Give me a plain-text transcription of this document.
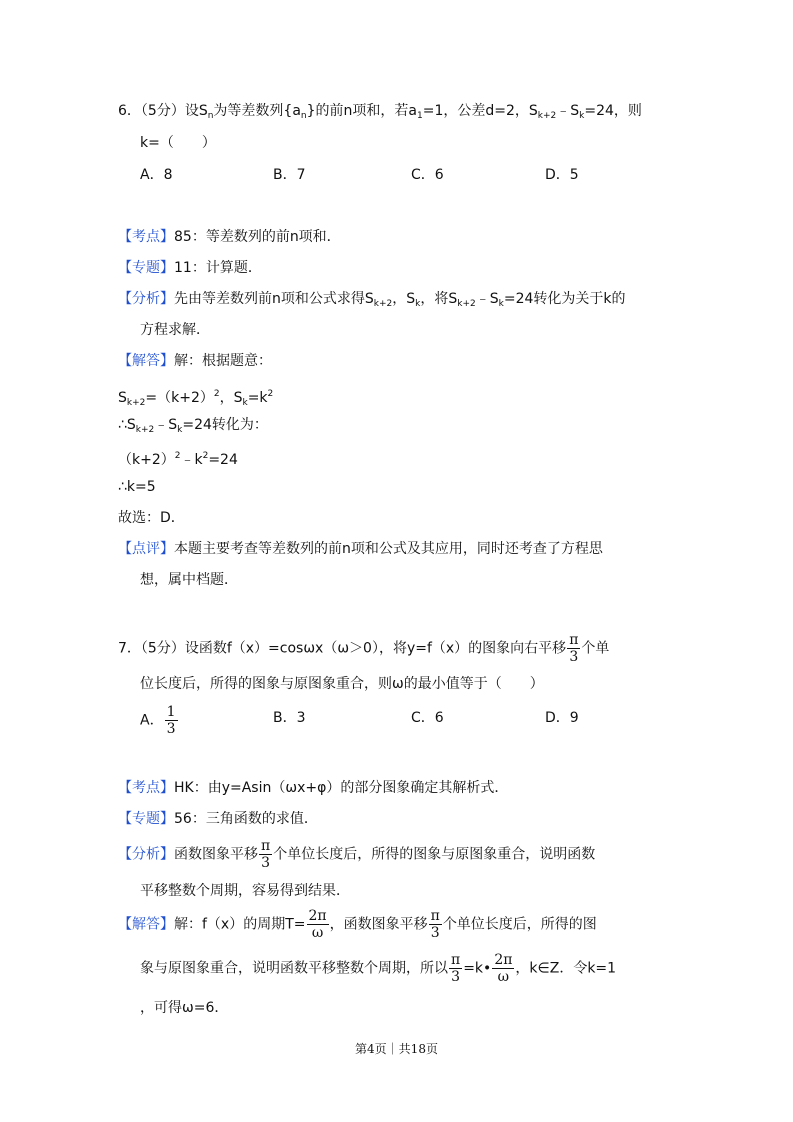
6．（5分）设$S_n$为等差数列$\{a_n\}$的前n项和，若$a_1=1$，公差d=2，$S_{k+2}﹣S_k=24$，则
k=（　　）
A．8	B．7	C．6	D．5
【考点】85：等差数列的前n项和．
【专题】11：计算题．
【分析】先由等差数列前n项和公式求得$S_{k+2}$，$S_k$，将$S_{k+2}﹣S_k=24$转化为关于k的
方程求解．
【解答】解：根据题意：
$S_{k+2}=(k+2)^2$，$S_k=k^2$
$\therefore S_{k+2}﹣S_k=24$转化为：
$(k+2)^2﹣k^2=24$
∴k=5
故选：D．
【点评】本题主要考查等差数列的前n项和公式及其应用，同时还考查了方程思
想，属中档题．
7．（5分）设函数f（x）=cosωx（ω＞0），将y=f（x）的图象向右平移 $\frac{\pi}{3}$ 个单
位长度后，所得的图象与原图象重合，则ω的最小值等于（　　）
A． $\frac{1}{3}$	B．3	C．6	D．9
【考点】HK：由y=Asin（ωx+φ）的部分图象确定其解析式．
【专题】56：三角函数的求值．
【分析】函数图象平移 $\frac{\pi}{3}$ 个单位长度后，所得的图象与原图象重合，说明函数
平移整数个周期，容易得到结果．
【解答】解：f（x）的周期$T= \frac{2\pi}{\omega}$ ，函数图象平移 $\frac{\pi}{3}$ 个单位长度后，所得的图
象与原图象重合，说明函数平移整数个周期，所以 $\frac{\pi}{3}$ =k• $\frac{2\pi}{\omega}$ ，k∈Z．令k=1
，可得ω=6．
第4页｜共18页
